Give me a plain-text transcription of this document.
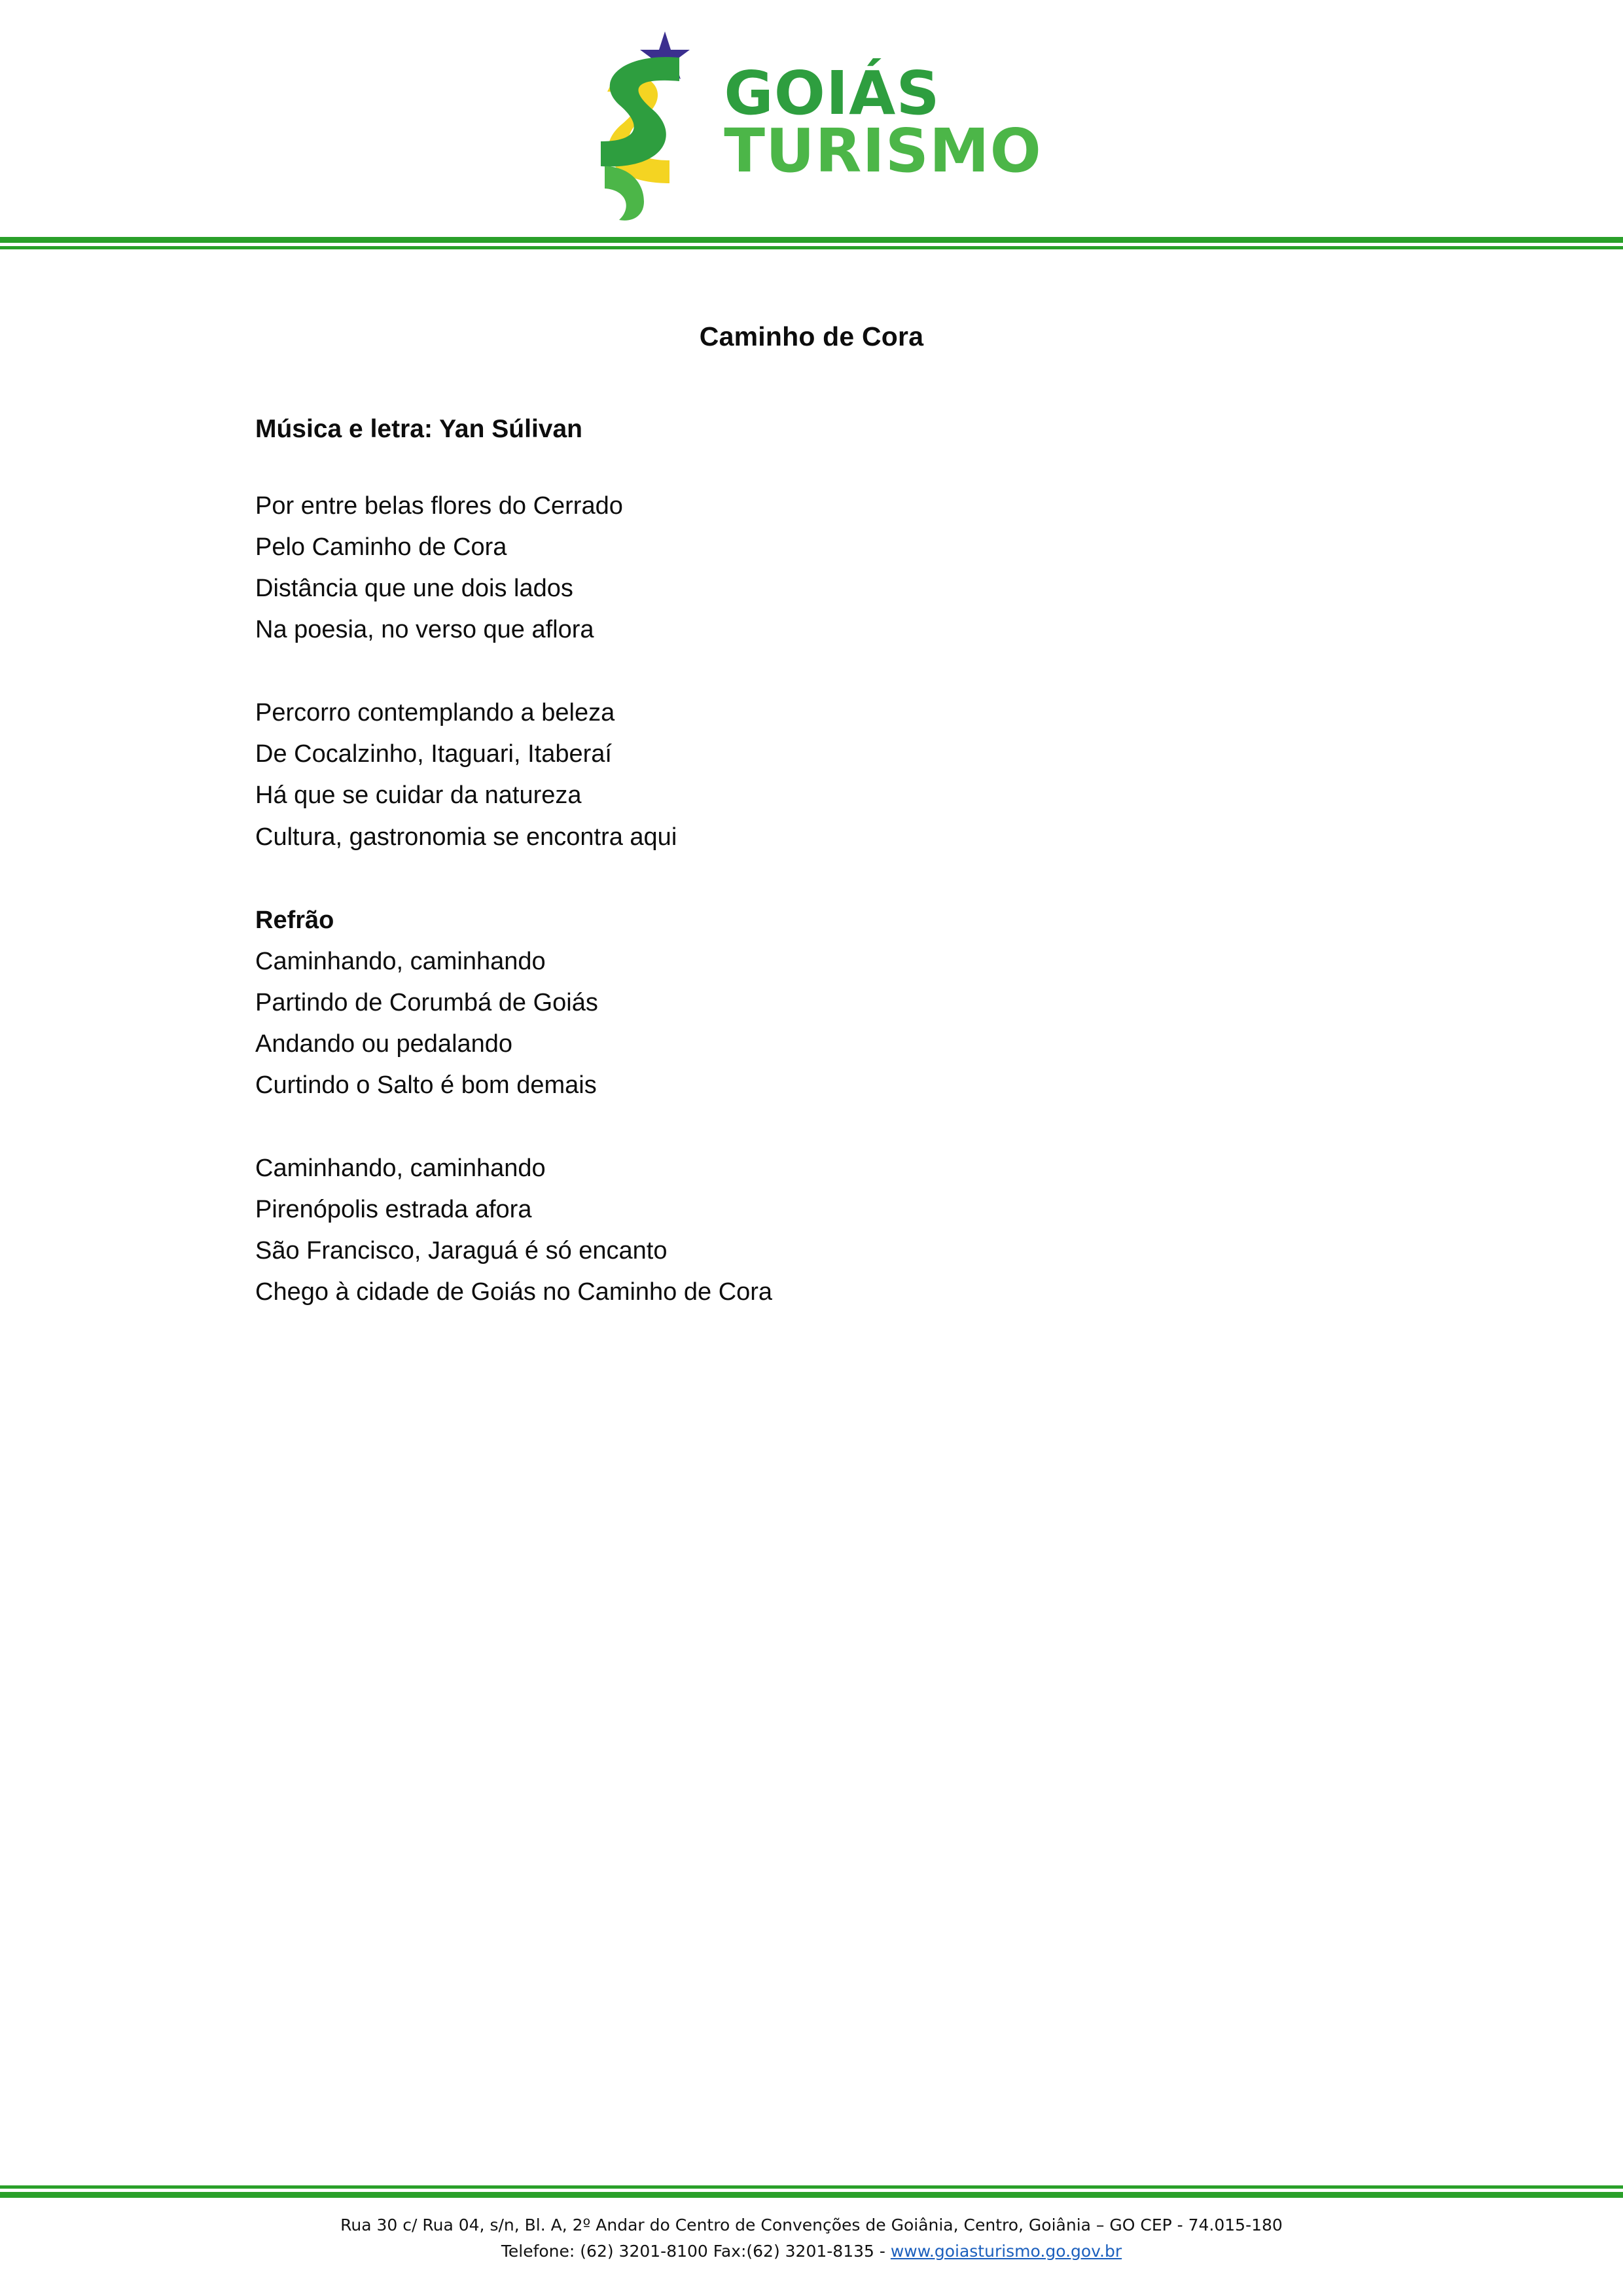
GOIÁS
TURISMO
Caminho de Cora

Música e letra: Yan Súlivan

Por entre belas flores do Cerrado
Pelo Caminho de Cora
Distância que une dois lados
Na poesia, no verso que aflora
Percorro contemplando a beleza
De Cocalzinho, Itaguari, Itaberaí
Há que se cuidar da natureza
Cultura, gastronomia se encontra aqui
Refrão
Caminhando, caminhando
Partindo de Corumbá de Goiás
Andando ou pedalando
Curtindo o Salto é bom demais
Caminhando, caminhando
Pirenópolis estrada afora
São Francisco, Jaraguá é só encanto
Chego à cidade de Goiás no Caminho de Cora
Rua 30 c/ Rua 04, s/n, Bl. A, 2º Andar do Centro de Convenções de Goiânia, Centro, Goiânia – GO CEP - 74.015-180
Telefone: (62) 3201-8100 Fax:(62) 3201-8135 - www.goiasturismo.go.gov.br
